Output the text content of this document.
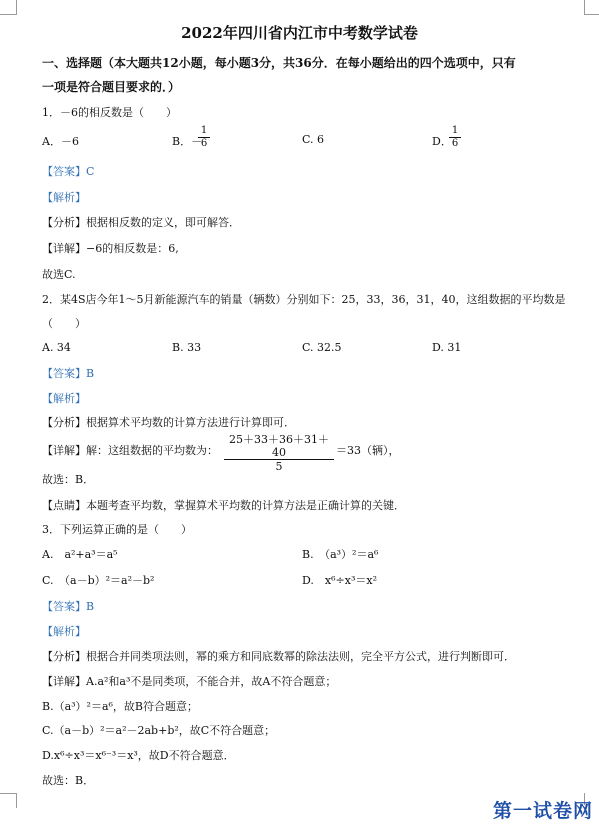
2022年四川省内江市中考数学试卷
一、选择题（本大题共12小题，每小题3分，共36分．在每小题给出的四个选项中，只有
一项是符合题目要求的．）
1．－6的相反数是（　　）
A．－6	B．－
$\frac{1}{6}$	C. 6	D．
$\frac{1}{6}$
【答案】C
【解析】
【分析】根据相反数的定义，即可解答．
【详解】−6的相反数是：6,
故选C.
2．某4S店今年1～5月新能源汽车的销量（辆数）分别如下：25，33，36，31，40，这组数据的平均数是
（　　）
A. 34	B. 33	C. 32.5	D. 31
【答案】B
【解析】
【分析】根据算术平均数的计算方法进行计算即可．
【详解】解：这组数据的平均数为： $\frac{25+33+36+31+40}{5} =33$（辆），
故选：B．
【点睛】本题考查平均数，掌握算术平均数的计算方法是正确计算的关键．
3．下列运算正确的是（　　）
A.　a²+a³＝a⁵	B.　（a³）²＝a⁶
C.　（a－b）²＝a²－b²	D.　x⁶÷x³＝x²
【答案】B
【解析】
【分析】根据合并同类项法则，幂的乘方和同底数幂的除法法则，完全平方公式，进行判断即可．
【详解】A.a²和a³不是同类项，不能合并，故A不符合题意；
B.（a³）²＝a⁶，故B符合题意；
C.（a－b）²＝a²－2ab+b²，故C不符合题意；
D.x⁶÷x³＝x⁶⁻³＝x³，故D不符合题意．
故选：B．
第一试卷网
